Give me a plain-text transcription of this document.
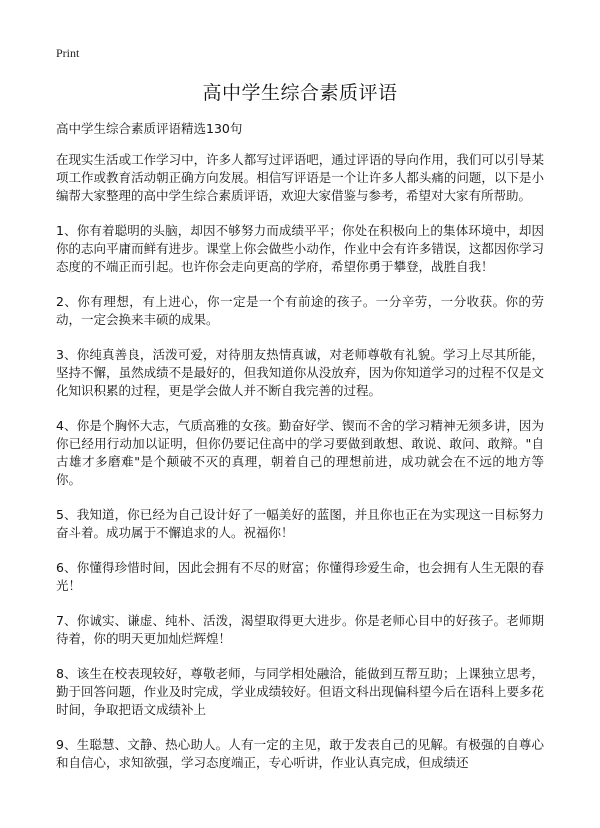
Print
高中学生综合素质评语

高中学生综合素质评语精选130句

在现实生活或工作学习中，许多人都写过评语吧，通过评语的导向作用，我们可以引导某项工作或教育活动朝正确方向发展。相信写评语是一个让许多人都头痛的问题，以下是小编帮大家整理的高中学生综合素质评语，欢迎大家借鉴与参考，希望对大家有所帮助。

1、你有着聪明的头脑，却因不够努力而成绩平平；你处在积极向上的集体环境中，却因你的志向平庸而鲜有进步。课堂上你会做些小动作，作业中会有许多错误，这都因你学习态度的不端正而引起。也许你会走向更高的学府，希望你勇于攀登，战胜自我！

2、你有理想，有上进心，你一定是一个有前途的孩子。一分辛劳，一分收获。你的劳动，一定会换来丰硕的成果。

3、你纯真善良，活泼可爱，对待朋友热情真诚，对老师尊敬有礼貌。学习上尽其所能，坚持不懈，虽然成绩不是最好的，但我知道你从没放弃，因为你知道学习的过程不仅是文化知识积累的过程，更是学会做人并不断自我完善的过程。

4、你是个胸怀大志，气质高雅的女孩。勤奋好学、锲而不舍的学习精神无须多讲，因为你已经用行动加以证明，但你仍要记住高中的学习要做到敢想、敢说、敢问、敢辩。"自古雄才多磨难"是个颠破不灭的真理，朝着自己的理想前进，成功就会在不远的地方等你。

5、我知道，你已经为自己设计好了一幅美好的蓝图，并且你也正在为实现这一目标努力奋斗着。成功属于不懈追求的人。祝福你！

6、你懂得珍惜时间，因此会拥有不尽的财富；你懂得珍爱生命，也会拥有人生无限的春光！

7、你诚实、谦虚、纯朴、活泼，渴望取得更大进步。你是老师心目中的好孩子。老师期待着，你的明天更加灿烂辉煌！

8、该生在校表现较好，尊敬老师，与同学相处融洽，能做到互帮互助；上课独立思考，勤于回答问题，作业及时完成，学业成绩较好。但语文科出现偏科望今后在语科上要多花时间，争取把语文成绩补上

9、生聪慧、文静、热心助人。人有一定的主见，敢于发表自己的见解。有极强的自尊心和自信心，求知欲强，学习态度端正，专心听讲，作业认真完成，但成绩还
